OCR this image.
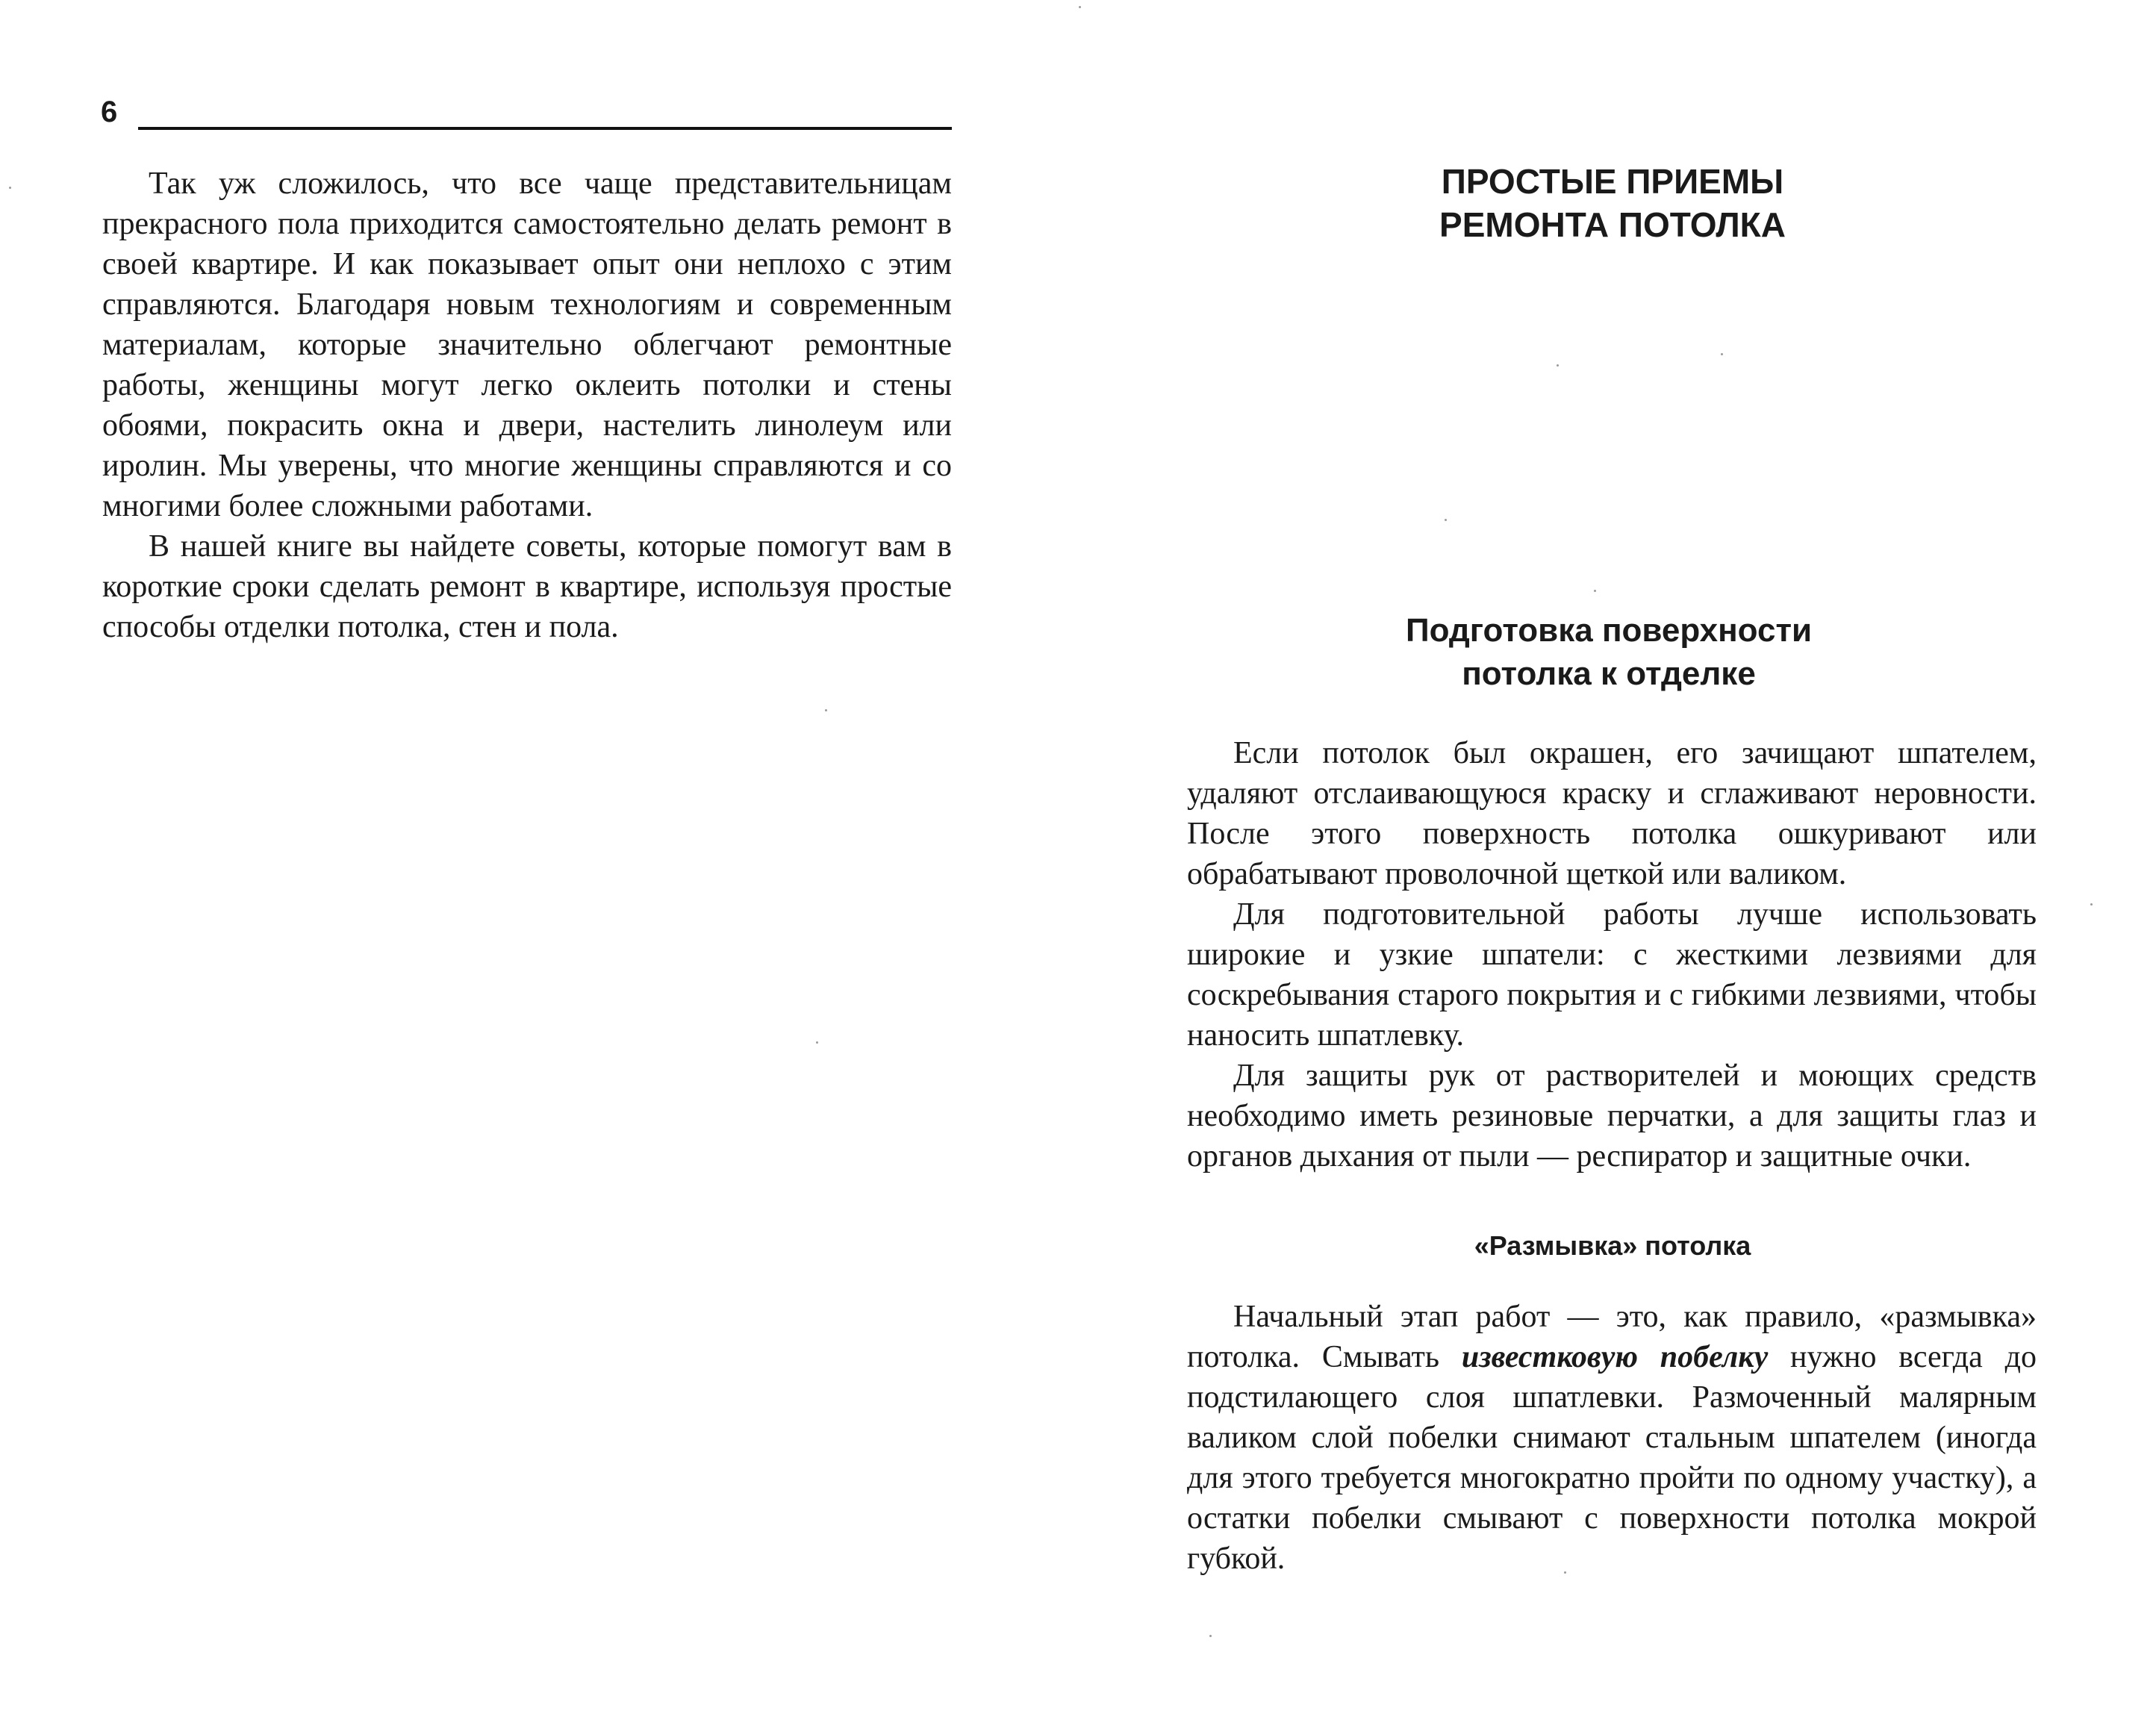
6

Так уж сложилось, что все чаще представительницам прекрасного пола приходится самостоятельно делать ремонт в своей квартире. И как показывает опыт они неплохо с этим справляются. Благодаря новым технологиям и современным материалам, которые значительно облегчают ремонтные работы, женщины могут легко оклеить потолки и стены обоями, покрасить окна и двери, настелить линолеум или иролин. Мы уверены, что многие женщины справляются и со многими более сложными работами.

В нашей книге вы найдете советы, которые помогут вам в короткие сроки сделать ремонт в квартире, используя простые способы отделки потолка, стен и пола.

ПРОСТЫЕ ПРИЕМЫ РЕМОНТА ПОТОЛКА
Подготовка поверхности потолка к отделке

Если потолок был окрашен, его зачищают шпателем, удаляют отслаивающуюся краску и сглаживают неровности. После этого поверхность потолка ошкуривают или обрабатывают проволочной щеткой или валиком.

Для подготовительной работы лучше использовать широкие и узкие шпатели: с жесткими лезвиями для соскребывания старого покрытия и с гибкими лезвиями, чтобы наносить шпатлевку.

Для защиты рук от растворителей и моющих средств необходимо иметь резиновые перчатки, а для защиты глаз и органов дыхания от пыли — респиратор и защитные очки.

«Размывка» потолка

Начальный этап работ — это, как правило, «размывка» потолка. Смывать известковую побелку нужно всегда до подстилающего слоя шпатлевки. Размоченный малярным валиком слой побелки снимают стальным шпателем (иногда для этого требуется многократно пройти по одному участку), а остатки побелки смывают с поверхности потолка мокрой губкой.
